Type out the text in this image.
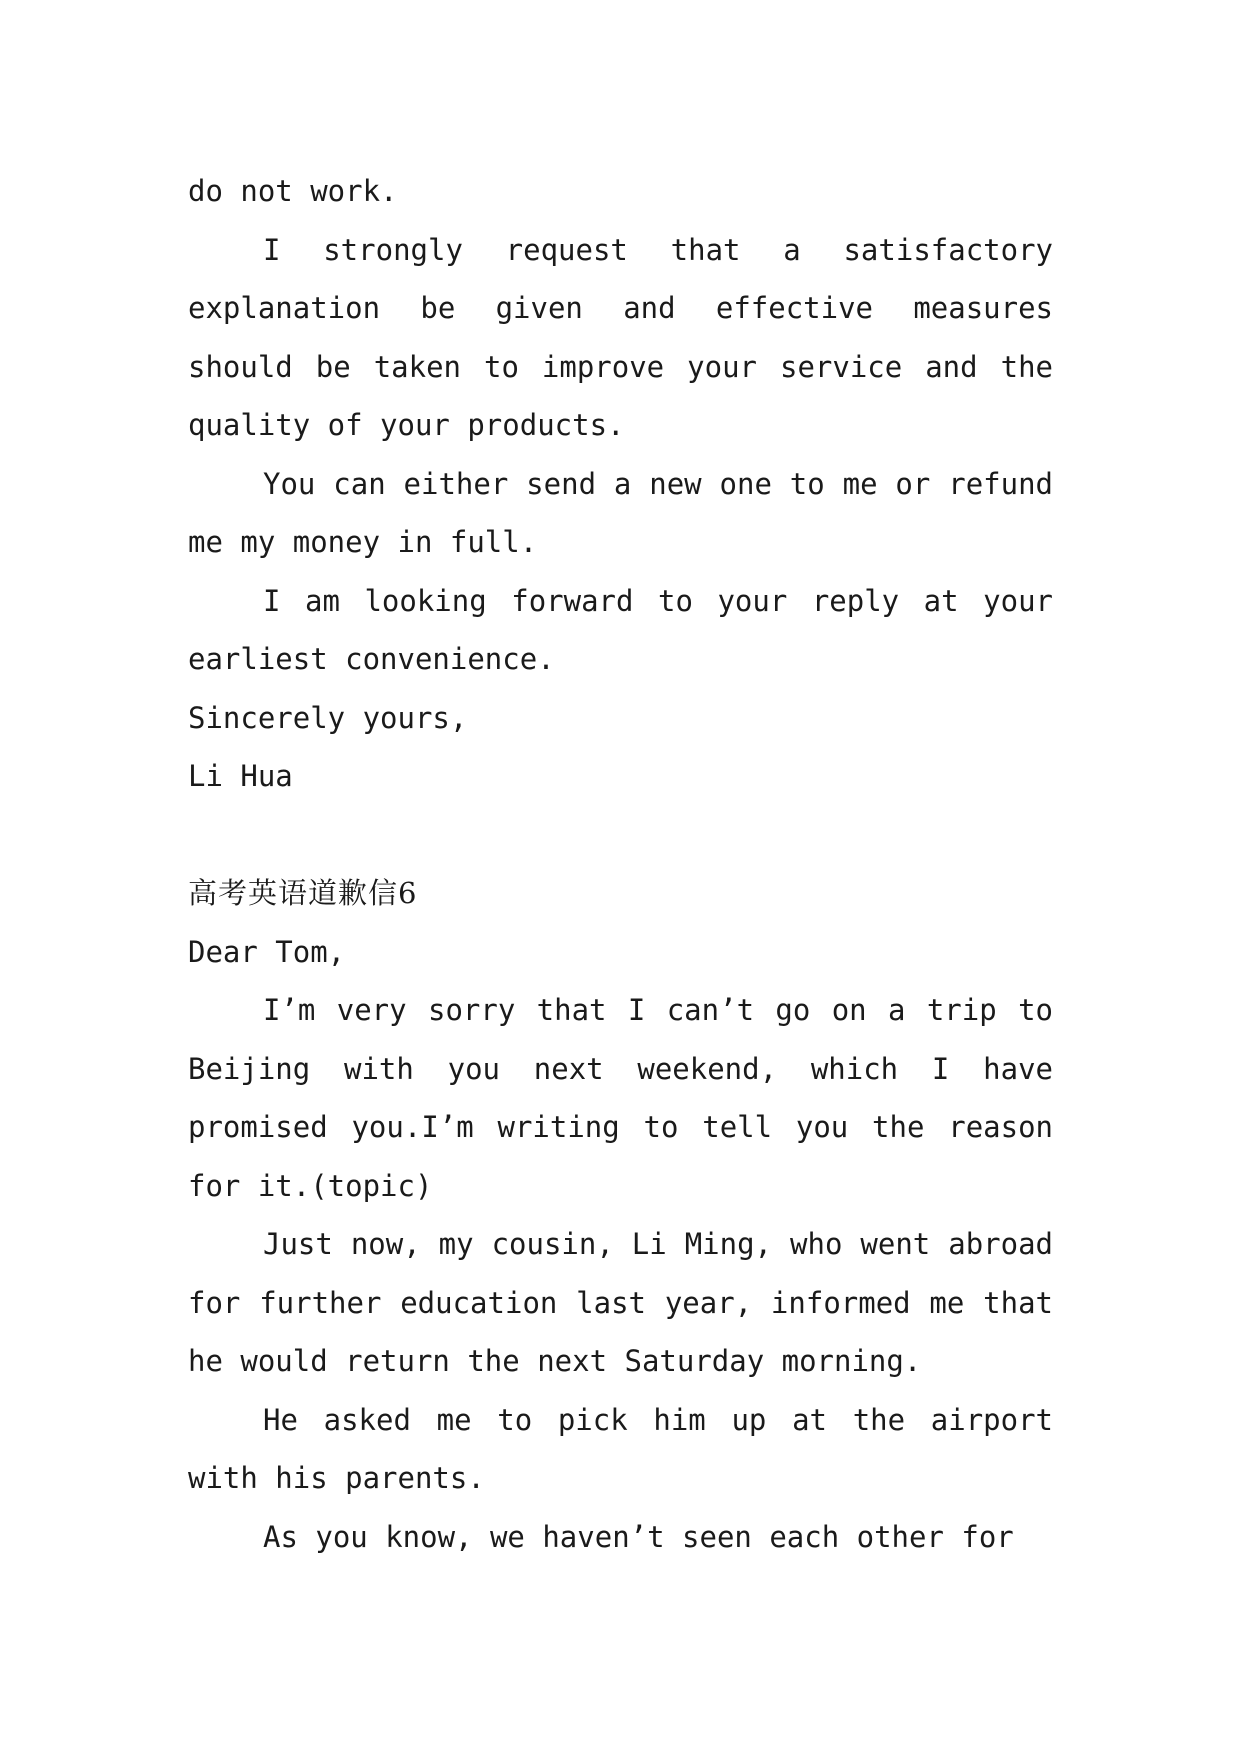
do not work.

I strongly request that a satisfactory explanation be given and effective measures should be taken to improve your service and the quality of your products.

You can either send a new one to me or refund me my money in full.

I am looking forward to your reply at your earliest convenience.

Sincerely yours,

Li Hua

高考英语道歉信6

Dear Tom,

I’m very sorry that I can’t go on a trip to Beijing with you next weekend, which I have promised you.I’m writing to tell you the reason for it.(topic)

Just now, my cousin, Li Ming, who went abroad for further education last year, informed me that he would return the next Saturday morning.

He asked me to pick him up at the airport with his parents.

As you know, we haven’t seen each other for
